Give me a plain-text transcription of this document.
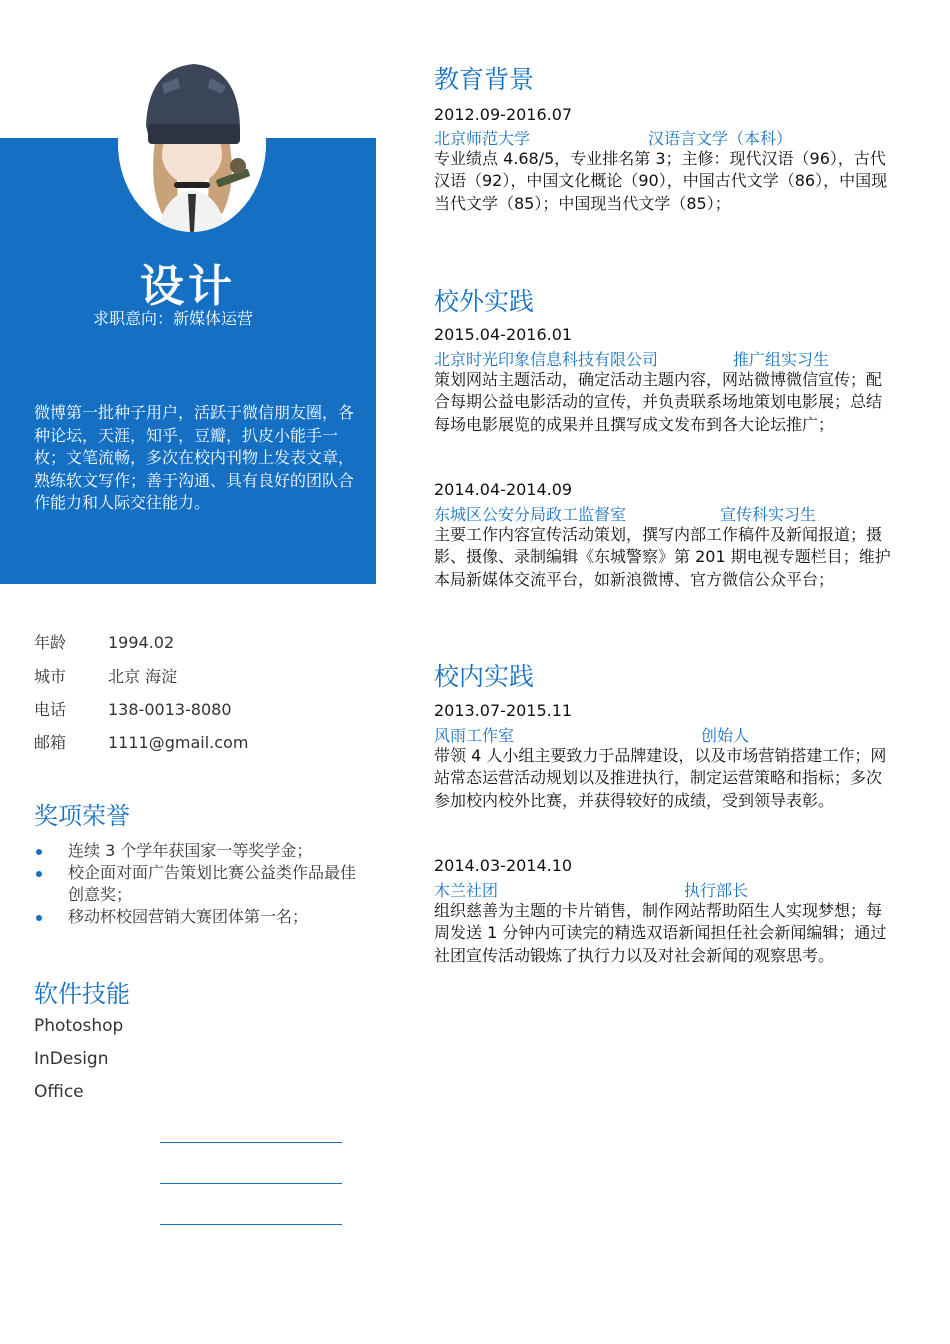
设计
求职意向：新媒体运营
微博第一批种子用户，活跃于微信朋友圈，各种论坛，天涯，知乎，豆瓣，扒皮小能手一枚；文笔流畅，多次在校内刊物上发表文章，熟练软文写作；善于沟通、具有良好的团队合作能力和人际交往能力。
年龄	1994.02
城市	北京 海淀
电话	138-0013-8080
邮箱	1111@gmail.com
奖项荣誉
连续 3 个学年获国家一等奖学金；
校企面对面广告策划比赛公益类作品最佳创意奖；
移动杯校园营销大赛团体第一名；
软件技能
Photoshop
InDesign
Office
教育背景
2012.09-2016.07
北京师范大学	汉语言文学（本科）
专业绩点 4.68/5，专业排名第 3；主修：现代汉语（96），古代汉语（92），中国文化概论（90），中国古代文学（86），中国现当代文学（85）；中国现当代文学（85）；
校外实践
2015.04-2016.01
北京时光印象信息科技有限公司	推广组实习生
策划网站主题活动，确定活动主题内容，网站微博微信宣传；配合每期公益电影活动的宣传，并负责联系场地策划电影展；总结每场电影展览的成果并且撰写成文发布到各大论坛推广；
2014.04-2014.09
东城区公安分局政工监督室	宣传科实习生
主要工作内容宣传活动策划，撰写内部工作稿件及新闻报道；摄影、摄像、录制编辑《东城警察》第 201 期电视专题栏目；维护本局新媒体交流平台，如新浪微博、官方微信公众平台；
校内实践
2013.07-2015.11
风雨工作室	创始人
带领 4 人小组主要致力于品牌建设，以及市场营销搭建工作；网站常态运营活动规划以及推进执行，制定运营策略和指标；多次参加校内校外比赛，并获得较好的成绩，受到领导表彰。
2014.03-2014.10
木兰社团	执行部长
组织慈善为主题的卡片销售，制作网站帮助陌生人实现梦想；每周发送 1 分钟内可读完的精选双语新闻担任社会新闻编辑；通过社团宣传活动锻炼了执行力以及对社会新闻的观察思考。
